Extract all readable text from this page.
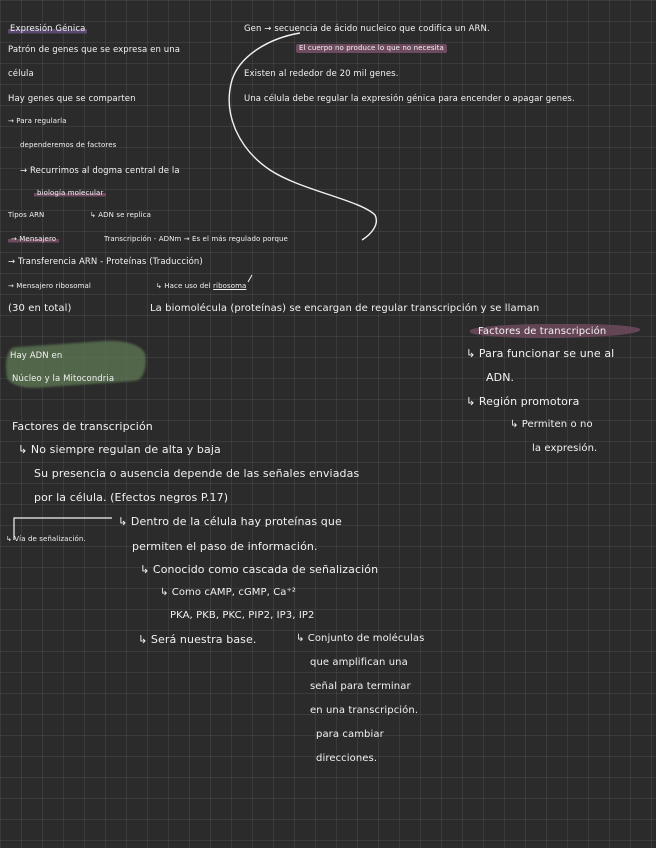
Expresión Génica
Patrón de genes que se expresa en una
célula
Hay genes que se comparten
→ Para regularla
dependeremos de factores
→ Recurrimos al dogma central de la
biología molecular
Tipos ARN	↳ ADN se replica
→ Mensajero	Transcripción - ADNm → Es el más regulado porque
→ Transferencia ARN - Proteínas (Traducción)
→ Mensajero ribosomal	↳ Hace uso del ribosoma
(30 en total)	La biomolécula (proteínas) se encargan de regular transcripción y se llaman
Gen → secuencia de ácido nucleico que codifica un ARN.
El cuerpo no produce lo que no necesita
Existen al rededor de 20 mil genes.
Una célula debe regular la expresión génica para encender o apagar genes.
Hay ADN en
Núcleo y la Mitocondria
Factores de transcripción
↳ Para funcionar se une al
ADN.
↳ Región promotora
↳ Permiten o no
la expresión.
Factores de transcripción
↳ No siempre regulan de alta y baja
Su presencia o ausencia depende de las señales enviadas
por la célula. (Efectos negros P.17)
↳ Vía de señalización.
↳ Dentro de la célula hay proteínas que
permiten el paso de información.
↳ Conocido como cascada de señalización
↳ Como cAMP, cGMP, Ca⁺²
PKA, PKB, PKC, PIP2, IP3, IP2
↳ Será nuestra base.	↳ Conjunto de moléculas
que amplifican una
señal para terminar
en una transcripción.
para cambiar
direcciones.
